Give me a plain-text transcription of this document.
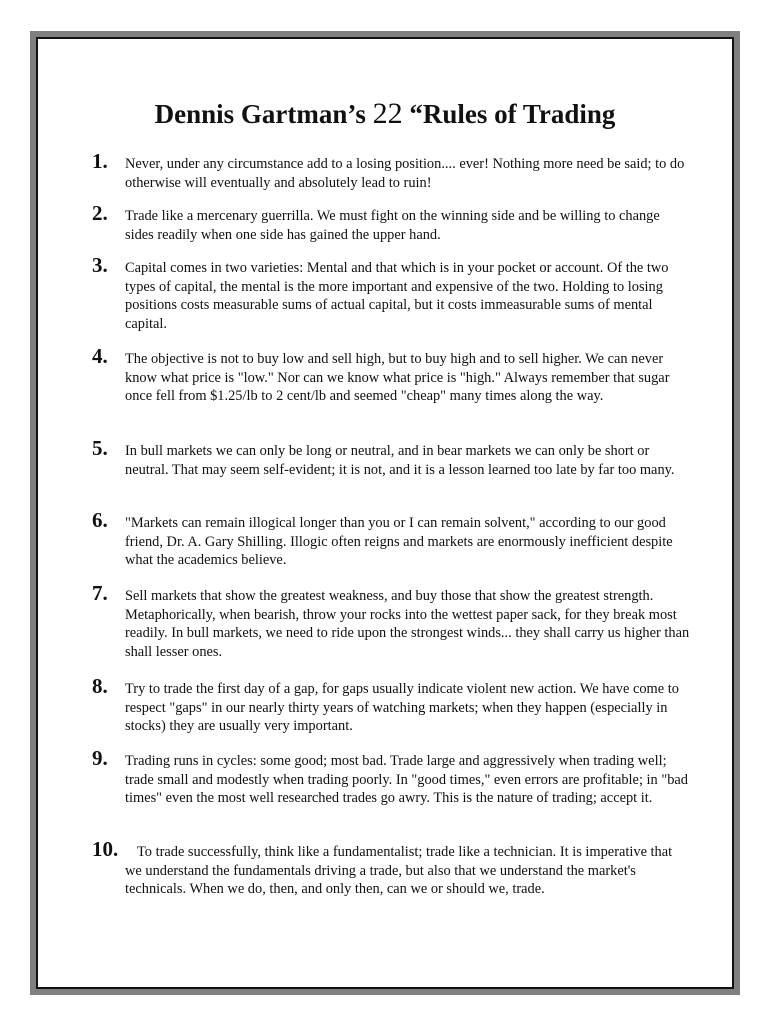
Dennis Gartman’s 22 “Rules of Trading
1. Never, under any circumstance add to a losing position.... ever! Nothing more need be said; to do otherwise will eventually and absolutely lead to ruin!

2. Trade like a mercenary guerrilla. We must fight on the winning side and be willing to change sides readily when one side has gained the upper hand.

3. Capital comes in two varieties: Mental and that which is in your pocket or account. Of the two types of capital, the mental is the more important and expensive of the two. Holding to losing positions costs measurable sums of actual capital, but it costs immeasurable sums of mental capital.

4. The objective is not to buy low and sell high, but to buy high and to sell higher. We can never know what price is "low." Nor can we know what price is "high." Always remember that sugar once fell from $1.25/lb to 2 cent/lb and seemed "cheap" many times along the way.

5. In bull markets we can only be long or neutral, and in bear markets we can only be short or neutral. That may seem self-evident; it is not, and it is a lesson learned too late by far too many.

6. "Markets can remain illogical longer than you or I can remain solvent," according to our good friend, Dr. A. Gary Shilling. Illogic often reigns and markets are enormously inefficient despite what the academics believe.

7. Sell markets that show the greatest weakness, and buy those that show the greatest strength. Metaphorically, when bearish, throw your rocks into the wettest paper sack, for they break most readily. In bull markets, we need to ride upon the strongest winds... they shall carry us higher than shall lesser ones.

8. Try to trade the first day of a gap, for gaps usually indicate violent new action. We have come to respect "gaps" in our nearly thirty years of watching markets; when they happen (especially in stocks) they are usually very important.

9. Trading runs in cycles: some good; most bad. Trade large and aggressively when trading well; trade small and modestly when trading poorly. In "good times," even errors are profitable; in "bad times" even the most well researched trades go awry. This is the nature of trading; accept it.

10.	To trade successfully, think like a fundamentalist; trade like a technician. It is imperative that we understand the fundamentals driving a trade, but also that we understand the market's technicals. When we do, then, and only then, can we or should we, trade.
